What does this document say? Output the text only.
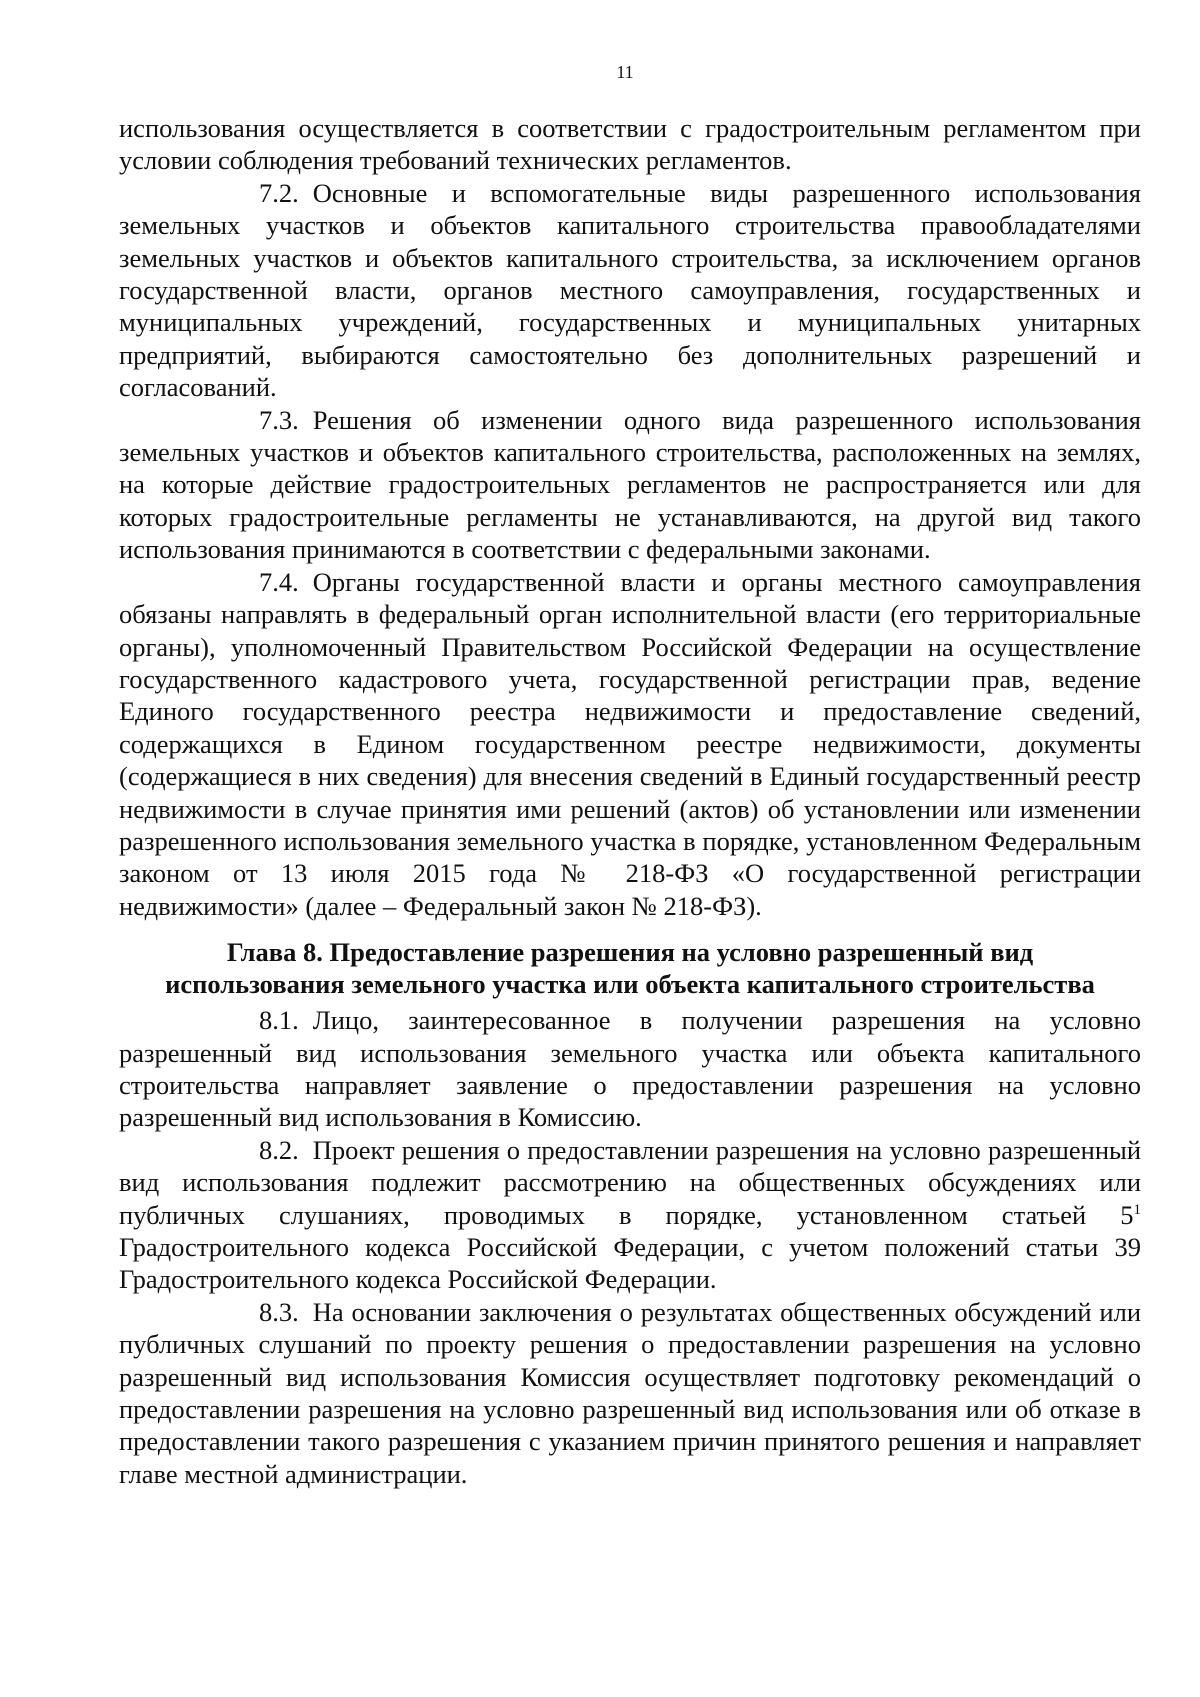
11

использования осуществляется в соответствии с градостроительным регламентом при условии соблюдения требований технических регламентов.

7.2. Основные и вспомогательные виды разрешенного использования земельных участков и объектов капитального строительства правообладателями земельных участков и объектов капитального строительства, за исключением органов государственной власти, органов местного самоуправления, государственных и муниципальных учреждений, государственных и муниципальных унитарных предприятий, выбираются самостоятельно без дополнительных разрешений и согласований.

7.3. Решения об изменении одного вида разрешенного использования земельных участков и объектов капитального строительства, расположенных на землях, на которые действие градостроительных регламентов не распространяется или для которых градостроительные регламенты не устанавливаются, на другой вид такого использования принимаются в соответствии с федеральными законами.

7.4. Органы государственной власти и органы местного самоуправления обязаны направлять в федеральный орган исполнительной власти (его территориальные органы), уполномоченный Правительством Российской Федерации на осуществление государственного кадастрового учета, государственной регистрации прав, ведение Единого государственного реестра недвижимости и предоставление сведений, содержащихся в Едином государственном реестре недвижимости, документы (содержащиеся в них сведения) для внесения сведений в Единый государственный реестр недвижимости в случае принятия ими решений (актов) об установлении или изменении разрешенного использования земельного участка в порядке, установленном Федеральным законом от 13 июля 2015 года № 218-ФЗ «О государственной регистрации недвижимости» (далее – Федеральный закон № 218-ФЗ).

Глава 8. Предоставление разрешения на условно разрешенный вид
использования земельного участка или объекта капитального строительства

8.1. Лицо, заинтересованное в получении разрешения на условно разрешенный вид использования земельного участка или объекта капитального строительства направляет заявление о предоставлении разрешения на условно разрешенный вид использования в Комиссию.

8.2. Проект решения о предоставлении разрешения на условно разрешенный вид использования подлежит рассмотрению на общественных обсуждениях или публичных слушаниях, проводимых в порядке, установленном статьей $5^1$ Градостроительного кодекса Российской Федерации, с учетом положений статьи 39 Градостроительного кодекса Российской Федерации.

8.3. На основании заключения о результатах общественных обсуждений или публичных слушаний по проекту решения о предоставлении разрешения на условно разрешенный вид использования Комиссия осуществляет подготовку рекомендаций о предоставлении разрешения на условно разрешенный вид использования или об отказе в предоставлении такого разрешения с указанием причин принятого решения и направляет главе местной администрации.
